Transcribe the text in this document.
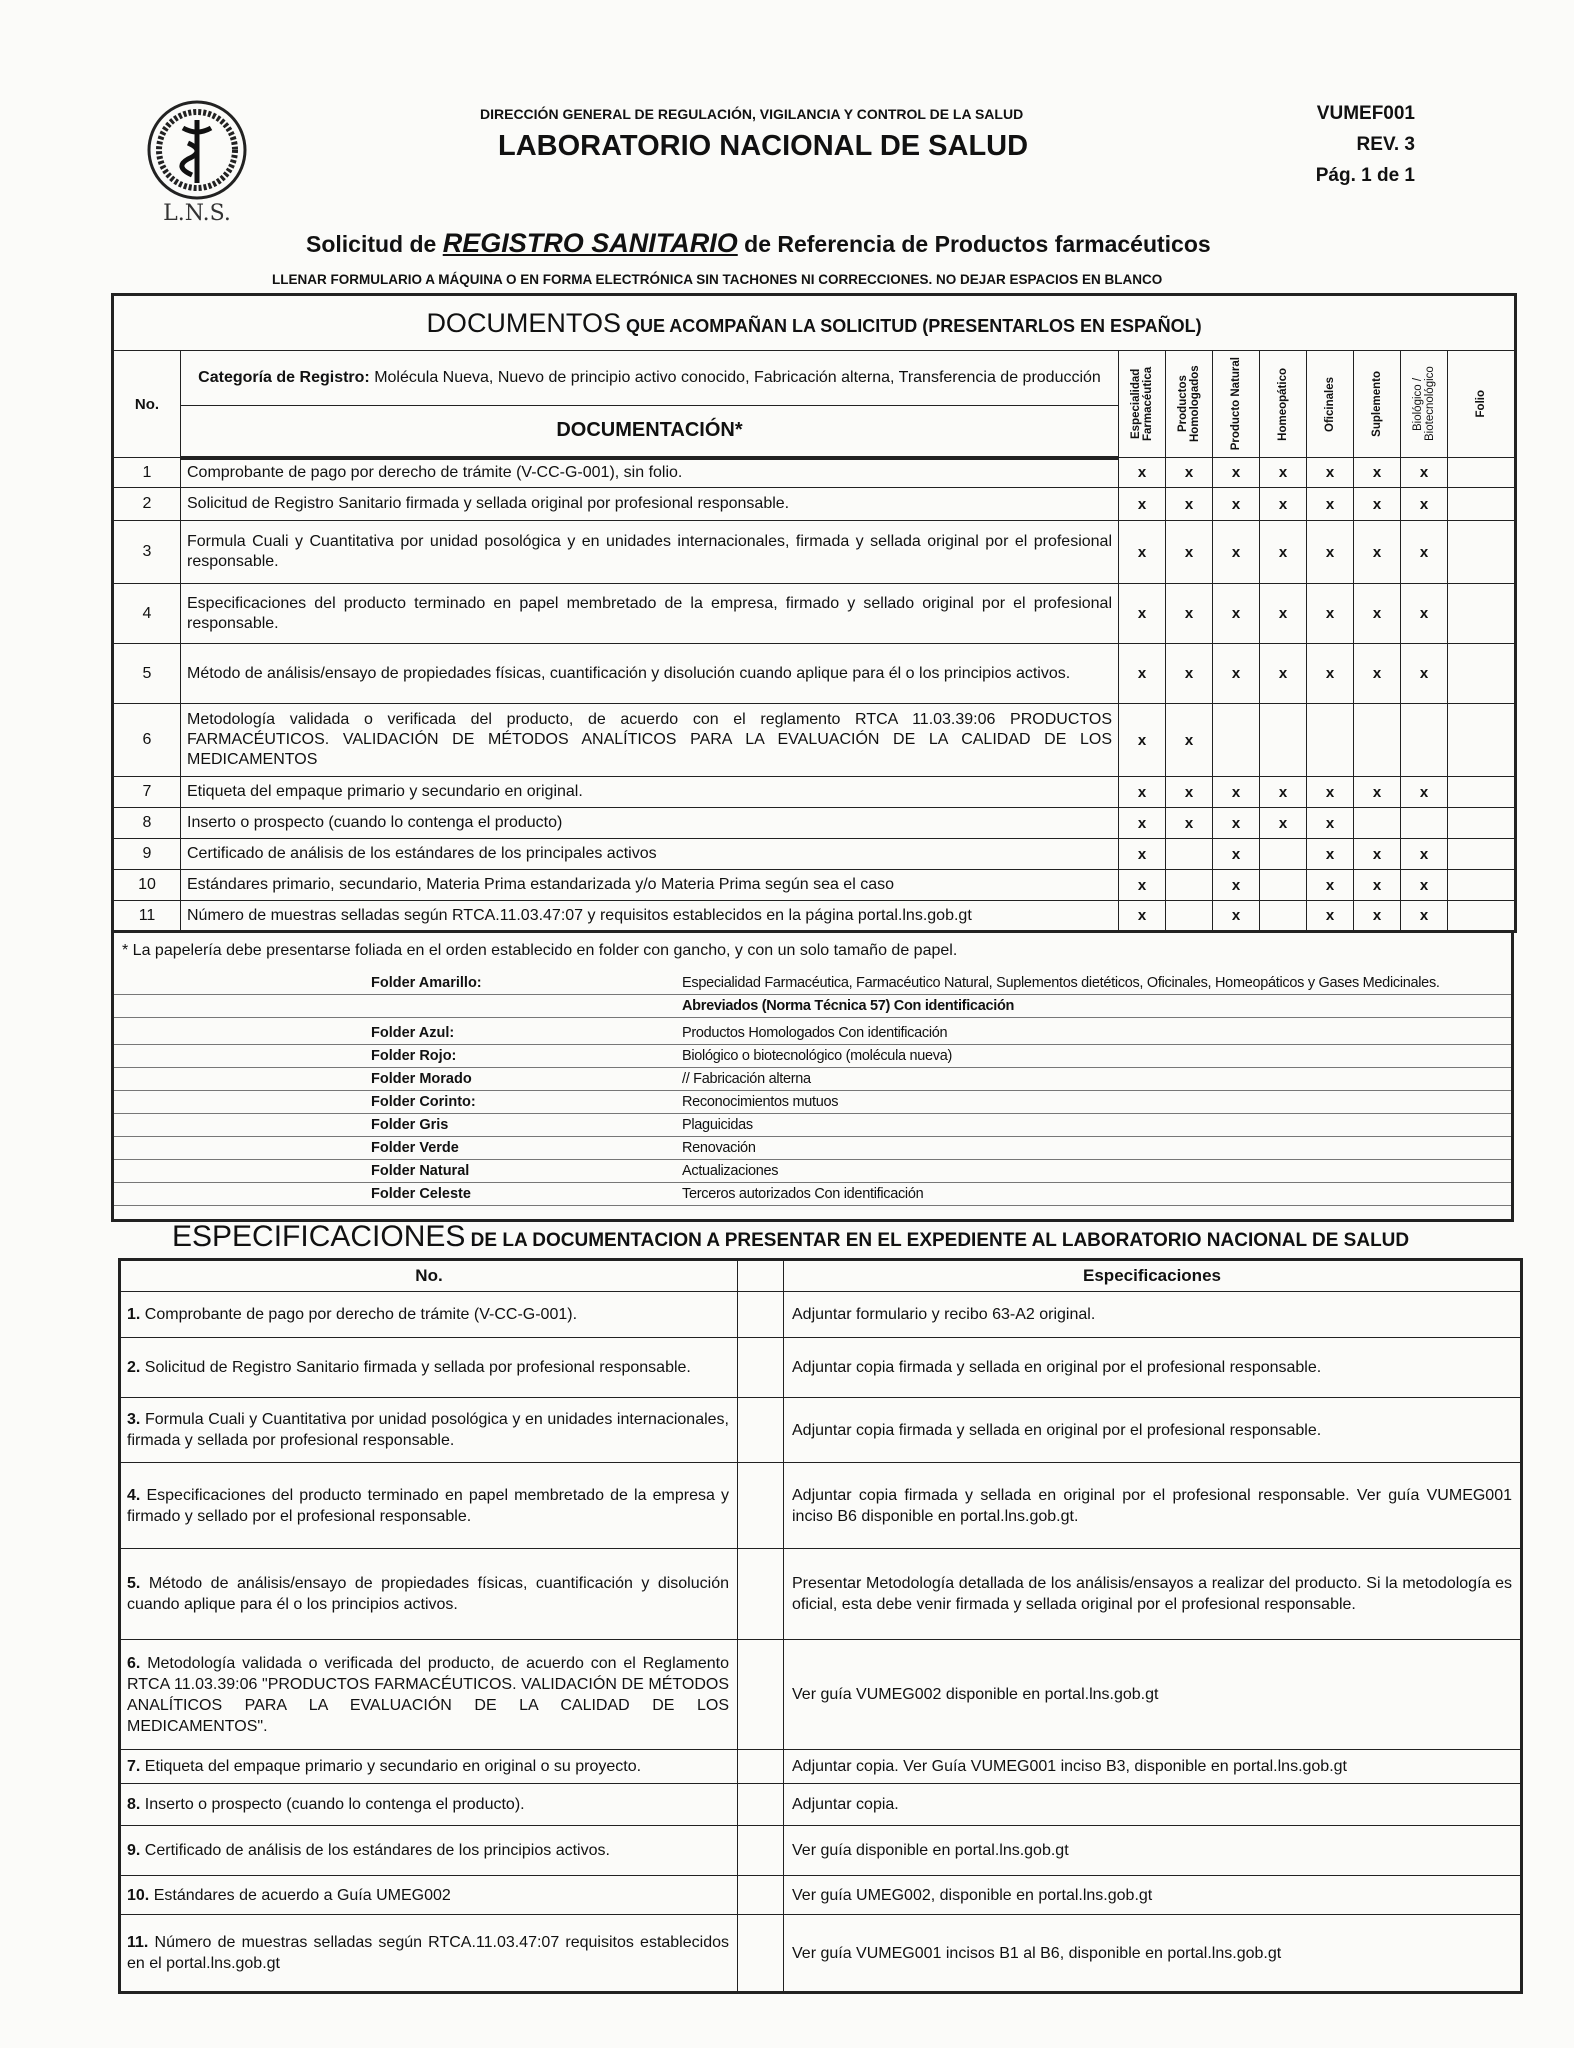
L.N.S.
DIRECCIÓN GENERAL DE REGULACIÓN, VIGILANCIA Y CONTROL DE LA SALUD
LABORATORIO NACIONAL DE SALUD
VUMEF001
REV. 3
Pág. 1 de 1
Solicitud de REGISTRO SANITARIO de Referencia de Productos farmacéuticos
LLENAR FORMULARIO A MÁQUINA O EN FORMA ELECTRÓNICA SIN TACHONES NI CORRECCIONES. NO DEJAR ESPACIOS EN BLANCO
DOCUMENTOS QUE ACOMPAÑAN LA SOLICITUD (PRESENTARLOS EN ESPAÑOL)									
No.	Categoría de Registro: Molécula Nueva, Nuevo de principio activo conocido, Fabricación alterna, Transferencia de producción	Especialidad Farmacéutica	Productos Homologados	Producto Natural	Homeopático	Oficinales	Suplemento	Biológico / Biotecnológico	Folio

	DOCUMENTACIÓN*								
1	Comprobante de pago por derecho de trámite (V-CC-G-001), sin folio.	x	x	x	x	x	x	x	
2	Solicitud de Registro Sanitario firmada y sellada original por profesional responsable.	x	x	x	x	x	x	x	
3	Formula Cuali y Cuantitativa por unidad posológica y en unidades internacionales, firmada y sellada original por el profesional responsable.	x	x	x	x	x	x	x	
4	Especificaciones del producto terminado en papel membretado de la empresa, firmado y sellado original por el profesional responsable.	x	x	x	x	x	x	x	
5	Método de análisis/ensayo de propiedades físicas, cuantificación y disolución cuando aplique para él o los principios activos.	x	x	x	x	x	x	x	
6	Metodología validada o verificada del producto, de acuerdo con el reglamento RTCA 11.03.39:06 PRODUCTOS FARMACÉUTICOS. VALIDACIÓN DE MÉTODOS ANALÍTICOS PARA LA EVALUACIÓN DE LA CALIDAD DE LOS MEDICAMENTOS	x	x						
7	Etiqueta del empaque primario y secundario en original.	x	x	x	x	x	x	x	
8	Inserto o prospecto (cuando lo contenga el producto)	x	x	x	x	x			
9	Certificado de análisis de los estándares de los principales activos	x		x		x	x	x	
10	Estándares primario, secundario, Materia Prima estandarizada y/o Materia Prima según sea el caso	x		x		x	x	x	
11	Número de muestras selladas según RTCA.11.03.47:07 y requisitos establecidos en la página portal.lns.gob.gt	x		x		x	x	x	
* La papelería debe presentarse foliada en el orden establecido en folder con gancho, y con un solo tamaño de papel.
Folder Amarillo:	Especialidad Farmacéutica, Farmacéutico Natural, Suplementos dietéticos, Oficinales, Homeopáticos y Gases Medicinales.
Abreviados (Norma Técnica 57) Con identificación
Folder Azul:	Productos Homologados Con identificación
Folder Rojo:	Biológico o biotecnológico (molécula nueva)
Folder Morado	// Fabricación alterna
Folder Corinto:	Reconocimientos mutuos
Folder Gris	Plaguicidas
Folder Verde	Renovación
Folder Natural	Actualizaciones
Folder Celeste	Terceros autorizados Con identificación
ESPECIFICACIONES DE LA DOCUMENTACION A PRESENTAR EN EL EXPEDIENTE AL LABORATORIO NACIONAL DE SALUD
No.		Especificaciones
1. Comprobante de pago por derecho de trámite (V-CC-G-001).		Adjuntar formulario y recibo 63-A2 original.
2. Solicitud de Registro Sanitario firmada y sellada por profesional responsable.		Adjuntar copia firmada y sellada en original por el profesional responsable.
3. Formula Cuali y Cuantitativa por unidad posológica y en unidades internacionales, firmada y sellada por profesional responsable.		Adjuntar copia firmada y sellada en original por el profesional responsable.
4. Especificaciones del producto terminado en papel membretado de la empresa y firmado y sellado por el profesional responsable.		Adjuntar copia firmada y sellada en original por el profesional responsable. Ver guía VUMEG001 inciso B6 disponible en portal.lns.gob.gt.
5. Método de análisis/ensayo de propiedades físicas, cuantificación y disolución cuando aplique para él o los principios activos.		Presentar Metodología detallada de los análisis/ensayos a realizar del producto. Si la metodología es oficial, esta debe venir firmada y sellada original por el profesional responsable.
6. Metodología validada o verificada del producto, de acuerdo con el Reglamento RTCA 11.03.39:06 "PRODUCTOS FARMACÉUTICOS. VALIDACIÓN DE MÉTODOS ANALÍTICOS PARA LA EVALUACIÓN DE LA CALIDAD DE LOS MEDICAMENTOS".		Ver guía VUMEG002 disponible en portal.lns.gob.gt
7. Etiqueta del empaque primario y secundario en original o su proyecto.		Adjuntar copia. Ver Guía VUMEG001 inciso B3, disponible en portal.lns.gob.gt
8. Inserto o prospecto (cuando lo contenga el producto).		Adjuntar copia.
9. Certificado de análisis de los estándares de los principios activos.		Ver guía disponible en portal.lns.gob.gt
10. Estándares de acuerdo a Guía UMEG002		Ver guía UMEG002, disponible en portal.lns.gob.gt
11. Número de muestras selladas según RTCA.11.03.47:07 requisitos establecidos en el portal.lns.gob.gt		Ver guía VUMEG001 incisos B1 al B6, disponible en portal.lns.gob.gt
